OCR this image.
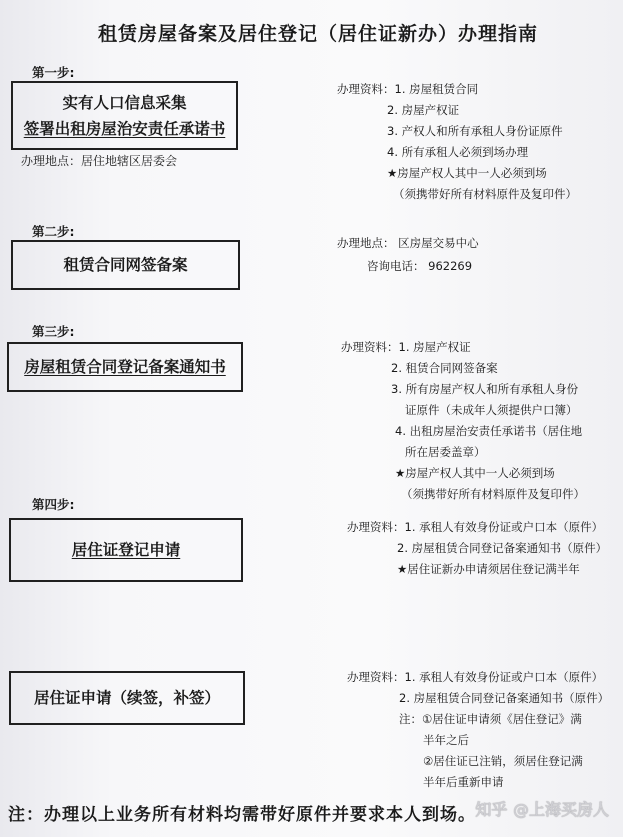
租赁房屋备案及居住登记（居住证新办）办理指南
第一步:
实有人口信息采集
签署出租房屋治安责任承诺书
办理地点：居住地辖区居委会
办理资料：1. 房屋租赁合同
2. 房屋产权证
3. 产权人和所有承租人身份证原件
4. 所有承租人必须到场办理
★房屋产权人其中一人必须到场
（须携带好所有材料原件及复印件）
第二步:
租赁合同网签备案
办理地点： 区房屋交易中心
咨询电话： 962269
第三步:
房屋租赁合同登记备案通知书
办理资料：1. 房屋产权证
2. 租赁合同网签备案
3. 所有房屋产权人和所有承租人身份
证原件（未成年人须提供户口簿）
4. 出租房屋治安责任承诺书（居住地
所在居委盖章）
★房屋产权人其中一人必须到场
（须携带好所有材料原件及复印件）
第四步:
居住证登记申请
办理资料：1. 承租人有效身份证或户口本（原件）
2. 房屋租赁合同登记备案通知书（原件）
★居住证新办申请须居住登记满半年
居住证申请（续签，补签）
办理资料：1. 承租人有效身份证或户口本（原件）
2. 房屋租赁合同登记备案通知书（原件）
注：①居住证申请须《居住登记》满
半年之后
②居住证已注销，须居住登记满
半年后重新申请
注：办理以上业务所有材料均需带好原件并要求本人到场。 知乎 @上海买房人
